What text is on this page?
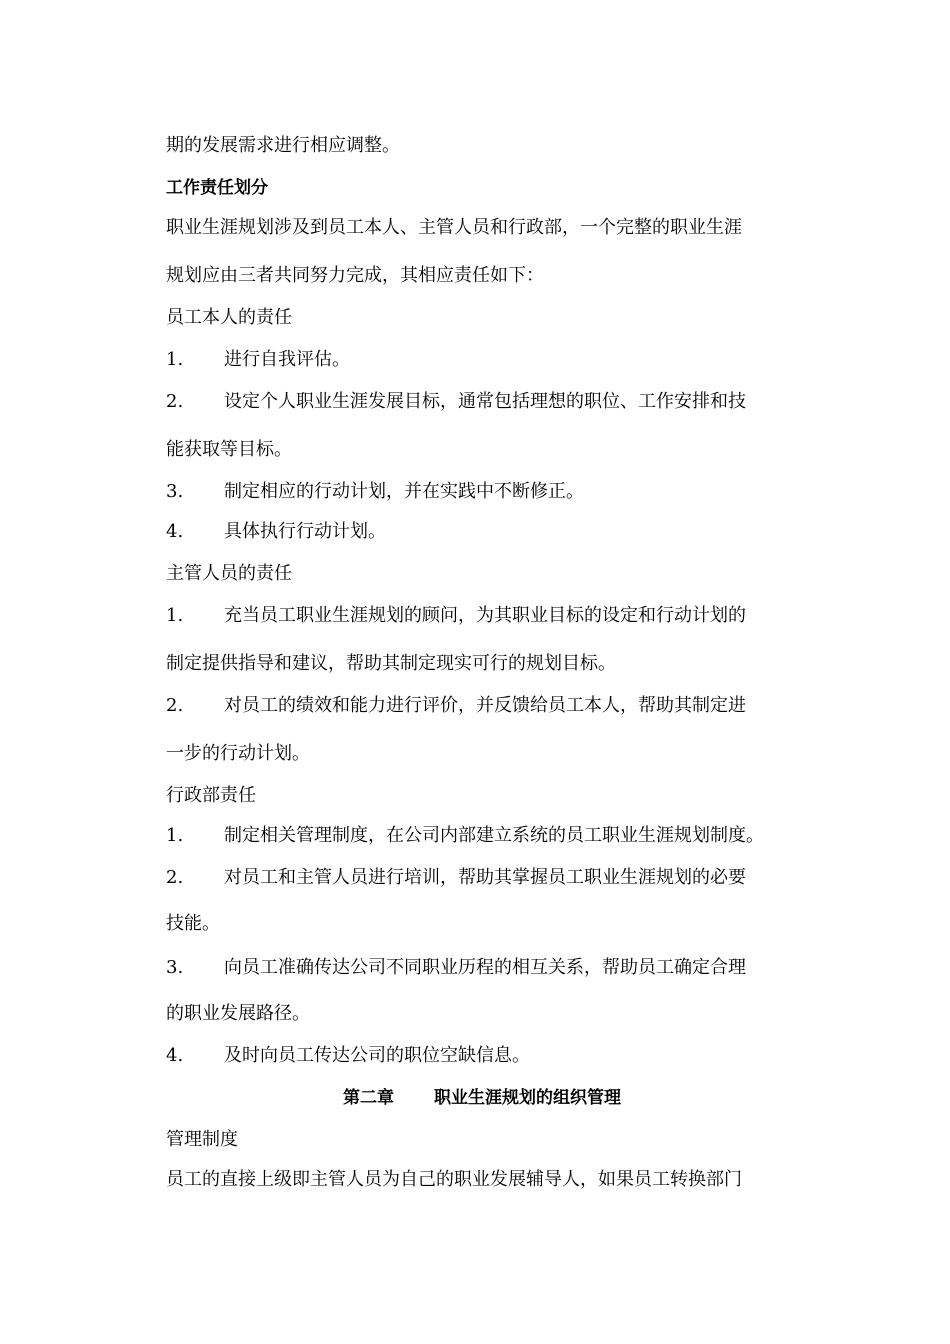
期的发展需求进行相应调整。
工作责任划分
职业生涯规划涉及到员工本人、主管人员和行政部，一个完整的职业生涯
规划应由三者共同努力完成，其相应责任如下：
员工本人的责任
1. 进行自我评估。
2. 设定个人职业生涯发展目标，通常包括理想的职位、工作安排和技
能获取等目标。
3. 制定相应的行动计划，并在实践中不断修正。
4. 具体执行行动计划。
主管人员的责任
1. 充当员工职业生涯规划的顾问，为其职业目标的设定和行动计划的
制定提供指导和建议，帮助其制定现实可行的规划目标。
2. 对员工的绩效和能力进行评价，并反馈给员工本人，帮助其制定进
一步的行动计划。
行政部责任
1. 制定相关管理制度，在公司内部建立系统的员工职业生涯规划制度。
2. 对员工和主管人员进行培训，帮助其掌握员工职业生涯规划的必要
技能。
3. 向员工准确传达公司不同职业历程的相互关系，帮助员工确定合理
的职业发展路径。
4. 及时向员工传达公司的职位空缺信息。
第二章 职业生涯规划的组织管理
管理制度
员工的直接上级即主管人员为自己的职业发展辅导人，如果员工转换部门
